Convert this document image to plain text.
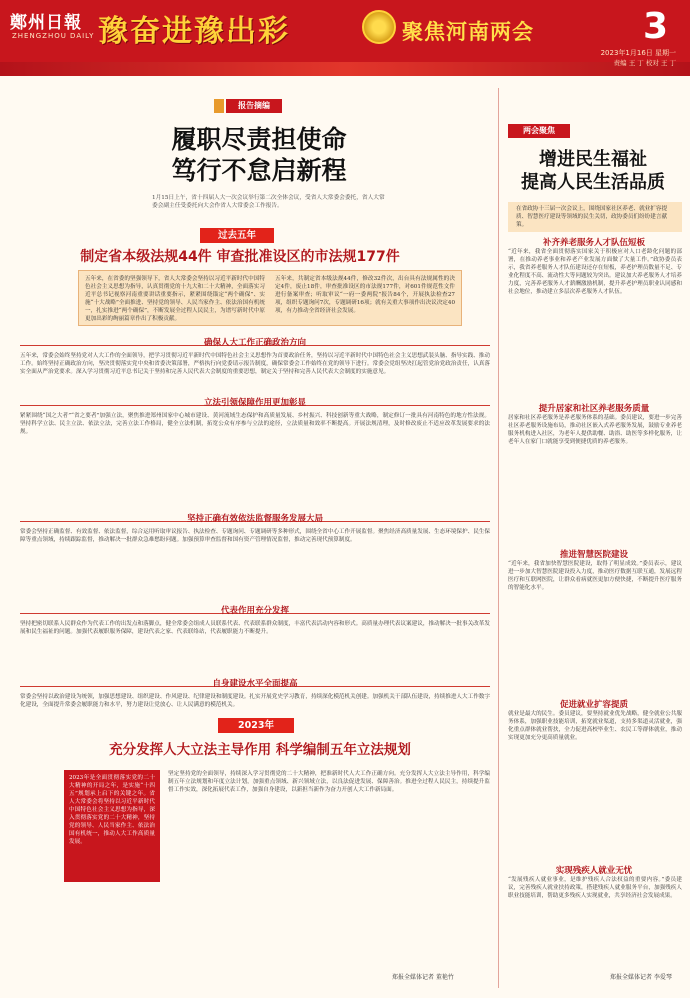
鄭州日報
ZHENGZHOU DAILY 豫奋进豫出彩	聚焦河南两会	3
2023年1月16日 星期一
责编 王 丁 校对 王 丁
报告摘编
履职尽责担使命
笃行不怠启新程
1月15日上午，省十四届人大一次会议举行第二次全体会议，受省人大常委会委托，省人大常委会副主任受委托向大会作省人大常委会工作报告。
过去五年
制定省本级法规44件 审查批准设区的市法规177件
五年来，在省委的坚强领导下，省人大常委会坚持以习近平新时代中国特色社会主义思想为指导，认真贯彻党的十九大和二十大精神，全面落实习近平总书记视察河南重要讲话重要指示，紧紧围绕锚定“两个确保”、实施“十大战略”全面推进、坚持党的领导、人民当家作主、依法治国有机统一，扎实推进“两个确保”，不断发展全过程人民民主，为谱写新时代中原更加出彩的绚丽篇章作出了积极贡献。
五年来，共制定省本级法规44件，修改32件次，出台具有法规属性的决定4件，废止18件，审查批准设区的市法规177件，对601件规范性文件进行备案审查；听取审议“一府一委两院”报告84个，开展执法检查27项，组织专题询问7次，专题调研16项；就有关重大事项作出决议决定40项，有力推动全省经济社会发展。
确保人大工作正确政治方向
五年来，常委会始终坚持党对人大工作的全面领导，把学习贯彻习近平新时代中国特色社会主义思想作为首要政治任务，坚持以习近平新时代中国特色社会主义思想武装头脑、指导实践、推动工作。始终坚持正确政治方向，坚决贯彻落实党中央和省委决策部署，严格执行向党委请示报告制度，确保常委会工作始终在党的领导下进行。常委会党组坚决扛起管党治党政治责任，认真落实全面从严治党要求。深入学习贯彻习近平总书记关于坚持和完善人民代表大会制度的重要思想，制定关于坚持和完善人民代表大会制度的实施意见。
立法引领保障作用更加彰显
紧紧围绕“国之大者”“省之要者”加强立法，聚焦推进郑州国家中心城市建设、黄河流域生态保护和高质量发展、乡村振兴、科技创新等重大战略，制定修订一批具有河南特色的地方性法规。坚持科学立法、民主立法、依法立法，完善立法工作格局，健全立法机制，拓宽公众有序参与立法的途径，立法质量和效率不断提高。开展法规清理，及时修改废止不适应改革发展要求的法规。
坚持正确有效依法监督服务发展大局
常委会坚持正确监督、有效监督、依法监督，综合运用听取审议报告、执法检查、专题询问、专题调研等多种形式，围绕全省中心工作开展监督。聚焦经济高质量发展、生态环境保护、民生保障等重点领域，持续跟踪监督，推动解决一批群众急难愁盼问题。加强预算审查监督和国有资产管理情况监督，推动完善现代预算制度。
代表作用充分发挥
坚持把密切联系人民群众作为代表工作的出发点和落脚点，健全常委会组成人员联系代表、代表联系群众制度，丰富代表活动内容和形式。高质量办理代表议案建议，推动解决一批事关改革发展和民生福祉的问题。加强代表履职服务保障，建设代表之家、代表联络站，代表履职能力不断提升。
自身建设水平全面提高
常委会坚持以政治建设为统领，加强思想建设、组织建设、作风建设、纪律建设和制度建设。扎实开展党史学习教育，持续深化模范机关创建。加强机关干部队伍建设，持续推进人大工作数字化建设，全面提升常委会履职能力和水平，努力建设让党放心、让人民满意的模范机关。
2023年
充分发挥人大立法主导作用 科学编制五年立法规划
2023年是全面贯彻落实党的二十大精神的开局之年，是实施“十四五”规划承上启下的关键之年。省人大常委会将坚持以习近平新时代中国特色社会主义思想为指导，深入贯彻落实党的二十大精神，坚持党的领导、人民当家作主、依法治国有机统一，推动人大工作高质量发展。
坚定坚持党的全面领导，持续深入学习贯彻党的二十大精神，把准新时代人大工作正确方向。充分发挥人大立法主导作用，科学编制五年立法规划和年度立法计划，加强重点领域、新兴领域立法，以良法促进发展、保障善治。推进全过程人民民主，持续提升监督工作实效，深化拓展代表工作，加强自身建设，以新担当新作为奋力开创人大工作新局面。
郑报全媒体记者 董艳竹
两会聚焦
增进民生福祉
提高人民生活品质
在省政协十三届一次会议上，围绕国家社区养老、就业扩容提质、智慧医疗建设等领域的民生关切，政协委员们纷纷建言献策。
补齐养老服务人才队伍短板
“近年来，我省全面贯彻落实国家关于积极应对人口老龄化问题的部署，在推动养老事业和养老产业发展方面做了大量工作。”政协委员表示，我省养老服务人才队伍建设还存在短板，养老护理员数量不足、专业化程度不高、流动性大等问题较为突出。建议加大养老服务人才培养力度，完善养老服务人才薪酬激励机制，提升养老护理员职业认同感和社会地位，推动建立多层次养老服务人才队伍。
提升居家和社区养老服务质量
居家和社区养老服务是养老服务体系的基础。委员建议，要进一步完善社区养老服务设施布局，推动社区嵌入式养老服务发展，鼓励专业养老服务机构进入社区，为老年人提供助餐、助浴、助医等多样化服务，让老年人在家门口就能享受到便捷优质的养老服务。
推进智慧医院建设
“近年来，我省加快智慧医院建设，取得了明显成效。”委员表示，建议进一步加大智慧医院建设投入力度，推动医疗数据互联互通，发展远程医疗和互联网医院，让群众看病就医更加方便快捷，不断提升医疗服务的智能化水平。
促进就业扩容提质
就业是最大的民生。委员建议，要坚持就业优先战略，健全就业公共服务体系，加强职业技能培训，拓宽就业渠道，支持多渠道灵活就业，强化重点群体就业帮扶，全力促进高校毕业生、农民工等群体就业，推动实现更加充分更高质量就业。
实现残疾人就业无忧
“发展残疾人就业事业，是维护残疾人合法权益的重要内容。”委员建议，完善残疾人就业扶持政策，搭建残疾人就业服务平台，加强残疾人职业技能培训，帮助更多残疾人实现就业，共享经济社会发展成果。
郑报全媒体记者 李爱琴
